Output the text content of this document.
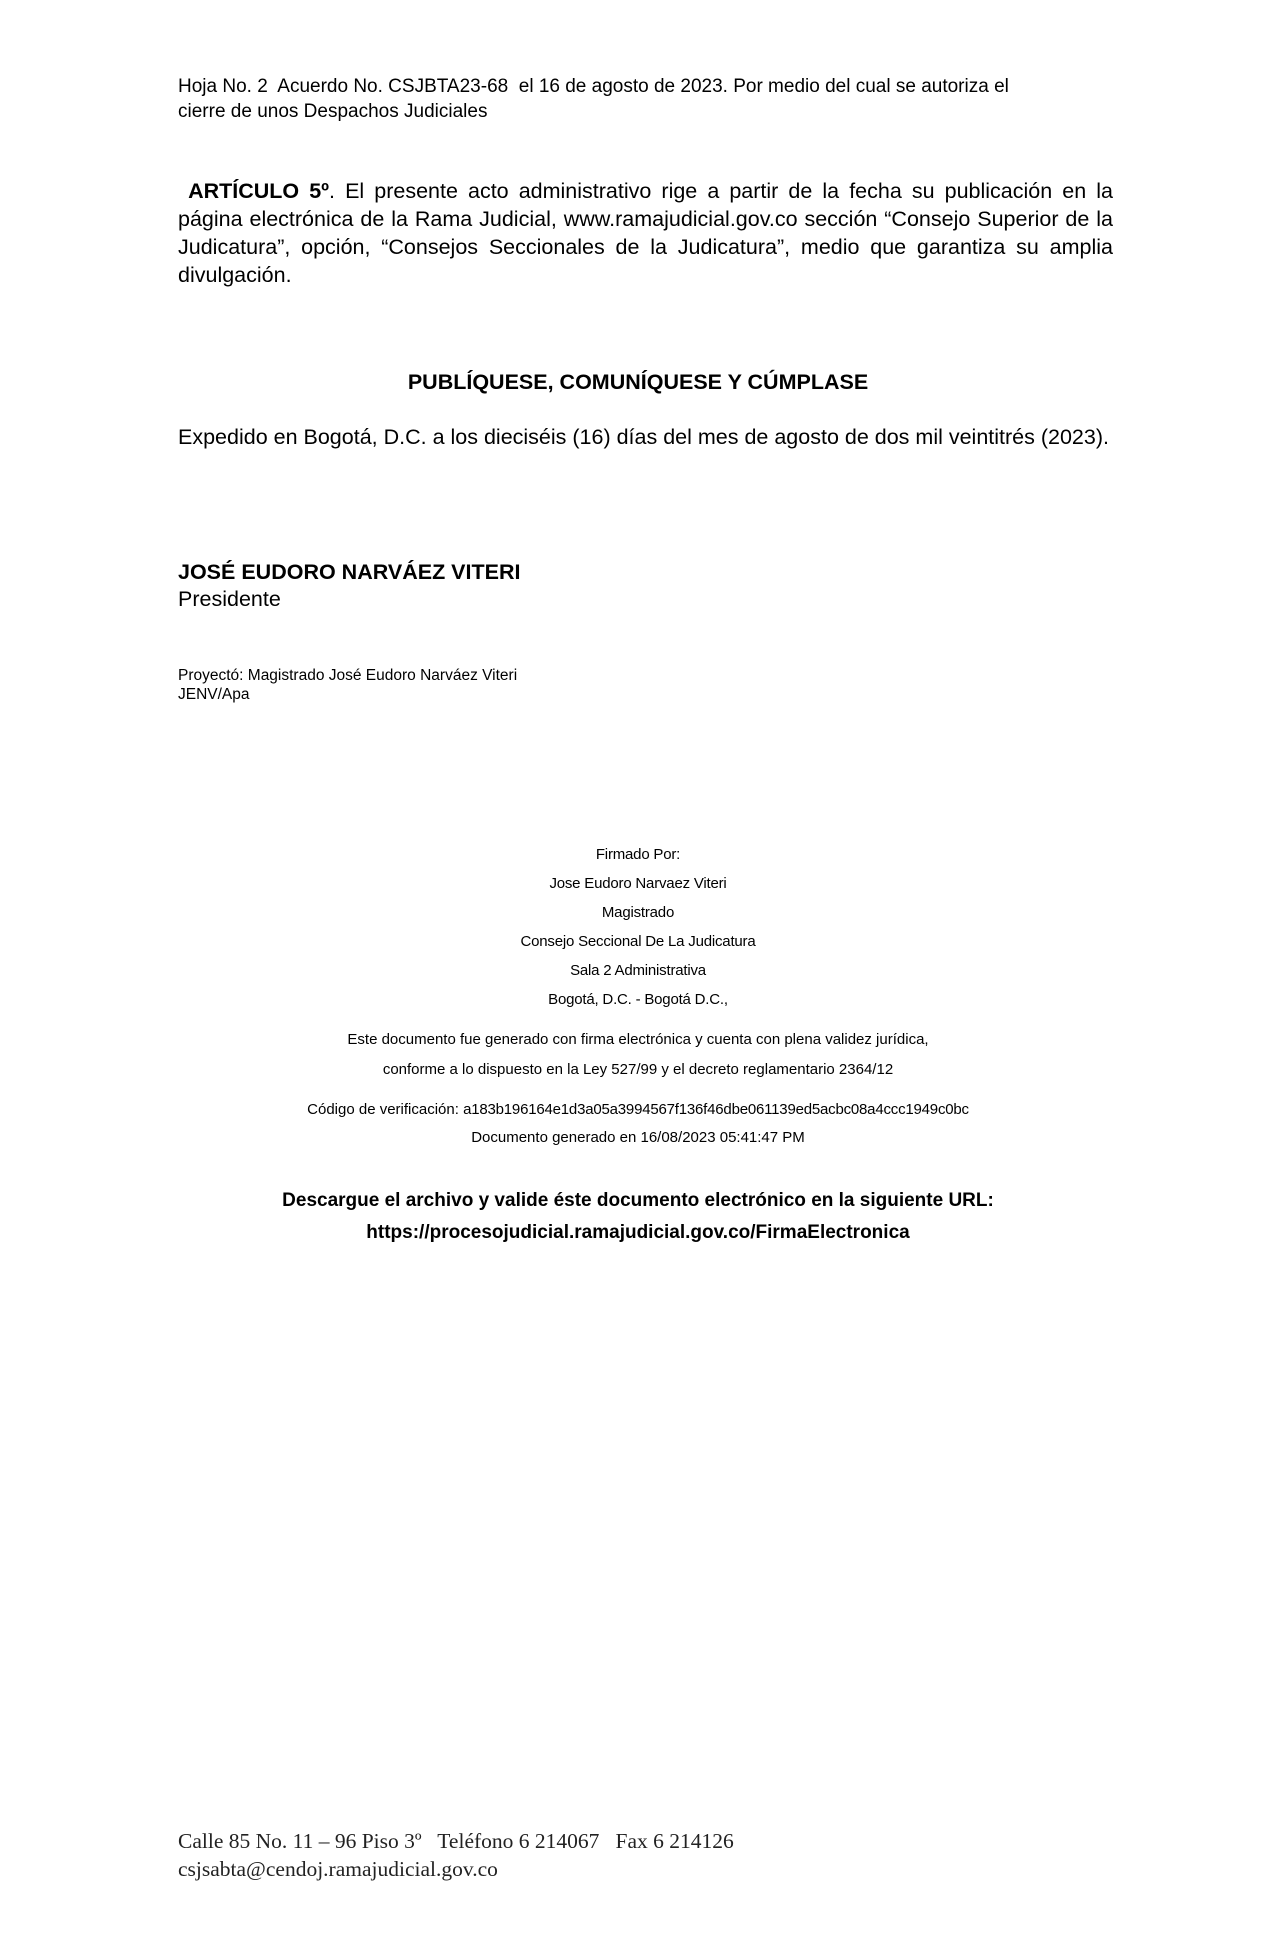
Hoja No. 2  Acuerdo No. CSJBTA23-68  el 16 de agosto de 2023. Por medio del cual se autoriza el
cierre de unos Despachos Judiciales
ARTÍCULO 5º. El presente acto administrativo rige a partir de la fecha su publicación en la página electrónica de la Rama Judicial, www.ramajudicial.gov.co sección “Consejo Superior de la Judicatura”, opción, “Consejos Seccionales de la Judicatura”, medio que garantiza su amplia divulgación.
PUBLÍQUESE, COMUNÍQUESE Y CÚMPLASE
Expedido en Bogotá, D.C. a los dieciséis (16) días del mes de agosto de dos mil veintitrés (2023).
JOSÉ EUDORO NARVÁEZ VITERI
Presidente
Proyectó: Magistrado José Eudoro Narváez Viteri
JENV/Apa
Firmado Por:
Jose Eudoro Narvaez Viteri
Magistrado
Consejo Seccional De La Judicatura
Sala 2 Administrativa
Bogotá, D.C. - Bogotá D.C.,
Este documento fue generado con firma electrónica y cuenta con plena validez jurídica,
conforme a lo dispuesto en la Ley 527/99 y el decreto reglamentario 2364/12
Código de verificación: a183b196164e1d3a05a3994567f136f46dbe061139ed5acbc08a4ccc1949c0bc
Documento generado en 16/08/2023 05:41:47 PM
Descargue el archivo y valide éste documento electrónico en la siguiente URL:
https://procesojudicial.ramajudicial.gov.co/FirmaElectronica
Calle 85 No. 11 – 96 Piso 3º   Teléfono 6 214067   Fax 6 214126
csjsabta@cendoj.ramajudicial.gov.co
